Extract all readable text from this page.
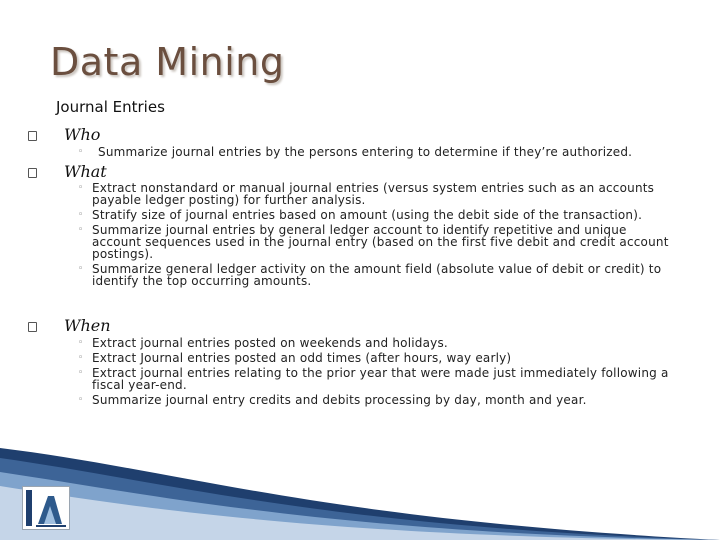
Data Mining
Journal Entries
Who
◦ Summarize journal entries by the persons entering to determine if they’re authorized.
What
◦ Extract nonstandard or manual journal entries (versus system entries such as an accounts payable ledger posting) for further analysis.
◦ Stratify size of journal entries based on amount (using the debit side of the transaction).
◦ Summarize journal entries by general ledger account to identify repetitive and unique account sequences used in the journal entry (based on the first five debit and credit account postings).
◦ Summarize general ledger activity on the amount field (absolute value of debit or credit) to identify the top occurring amounts.
When
◦ Extract journal entries posted on weekends and holidays.
◦ Extract Journal entries posted an odd times (after hours, way early)
◦ Extract journal entries relating to the prior year that were made just immediately following a fiscal year-end.
◦ Summarize journal entry credits and debits processing by day, month and year.
